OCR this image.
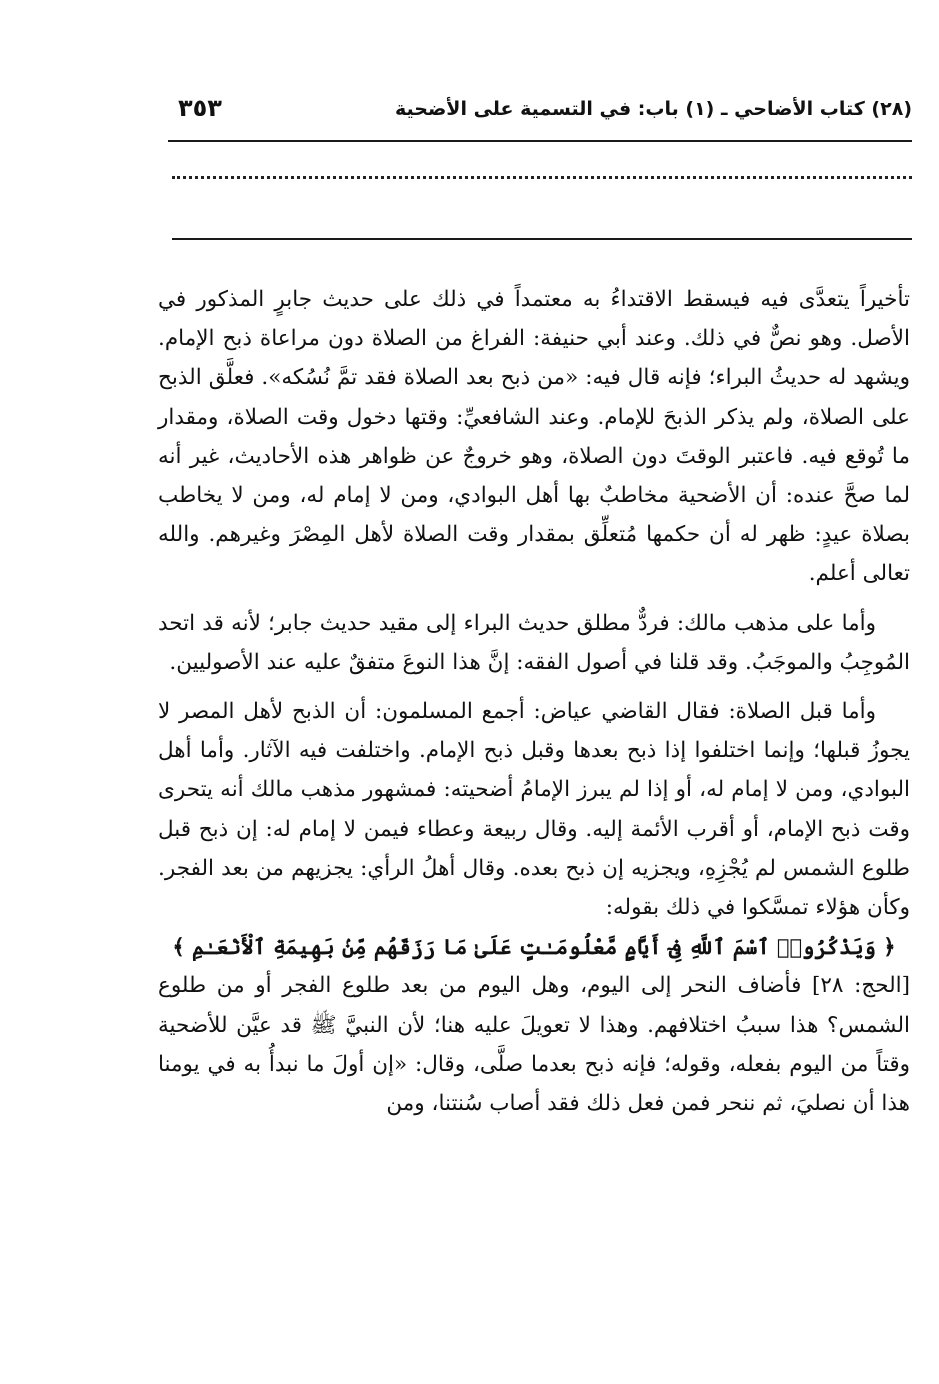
(٢٨) كتاب الأضاحي ـ (١) باب: في التسمية على الأضحية
٣٥٣

تأخيراً يتعدَّى فيه فيسقط الاقتداءُ به معتمداً في ذلك على حديث جابرٍ المذكور في الأصل. وهو نصٌّ في ذلك. وعند أبي حنيفة: الفراغ من الصلاة دون مراعاة ذبح الإمام. ويشهد له حديثُ البراء؛ فإنه قال فيه: «من ذبح بعد الصلاة فقد تمَّ نُسُكه». فعلَّق الذبح على الصلاة، ولم يذكر الذبحَ للإمام. وعند الشافعيِّ: وقتها دخول وقت الصلاة، ومقدار ما تُوقع فيه. فاعتبر الوقتَ دون الصلاة، وهو خروجٌ عن ظواهر هذه الأحاديث، غير أنه لما صحَّ عنده: أن الأضحية مخاطبٌ بها أهل البوادي، ومن لا إمام له، ومن لا يخاطب بصلاة عيدٍ: ظهر له أن حكمها مُتعلِّق بمقدار وقت الصلاة لأهل المِصْرَ وغيرهم. والله تعالى أعلم.

وأما على مذهب مالك: فردٌّ مطلق حديث البراء إلى مقيد حديث جابر؛ لأنه قد اتحد المُوجِبُ والموجَبُ. وقد قلنا في أصول الفقه: إنَّ هذا النوعَ متفقٌ عليه عند الأصوليين.

وأما قبل الصلاة: فقال القاضي عياض: أجمع المسلمون: أن الذبح لأهل المصر لا يجوزُ قبلها؛ وإنما اختلفوا إذا ذبح بعدها وقبل ذبح الإمام. واختلفت فيه الآثار. وأما أهل البوادي، ومن لا إمام له، أو إذا لم يبرز الإمامُ أضحيته: فمشهور مذهب مالك أنه يتحرى وقت ذبح الإمام، أو أقرب الأئمة إليه. وقال ربيعة وعطاء فيمن لا إمام له: إن ذبح قبل طلوع الشمس لم يُجْزِهِ، ويجزيه إن ذبح بعده. وقال أهلُ الرأي: يجزيهم من بعد الفجر. وكأن هؤلاء تمسَّكوا في ذلك بقوله:

﴿ وَيَذْكُرُوا۟ ٱسْمَ ٱللَّهِ فِىٓ أَيَّامٍ مَّعْلُومَـٰتٍ عَلَىٰ مَا رَزَقَهُم مِّنۢ بَهِيمَةِ ٱلْأَنْعَـٰمِ ﴾

[الحج: ٢٨] فأضاف النحر إلى اليوم، وهل اليوم من بعد طلوع الفجر أو من طلوع الشمس؟ هذا سببُ اختلافهم. وهذا لا تعويلَ عليه هنا؛ لأن النبيَّ ﷺ قد عيَّن للأضحية وقتاً من اليوم بفعله، وقوله؛ فإنه ذبح بعدما صلَّى، وقال: «إن أولَ ما نبدأُ به في يومنا هذا أن نصليَ، ثم ننحر فمن فعل ذلك فقد أصاب سُنتنا، ومن
